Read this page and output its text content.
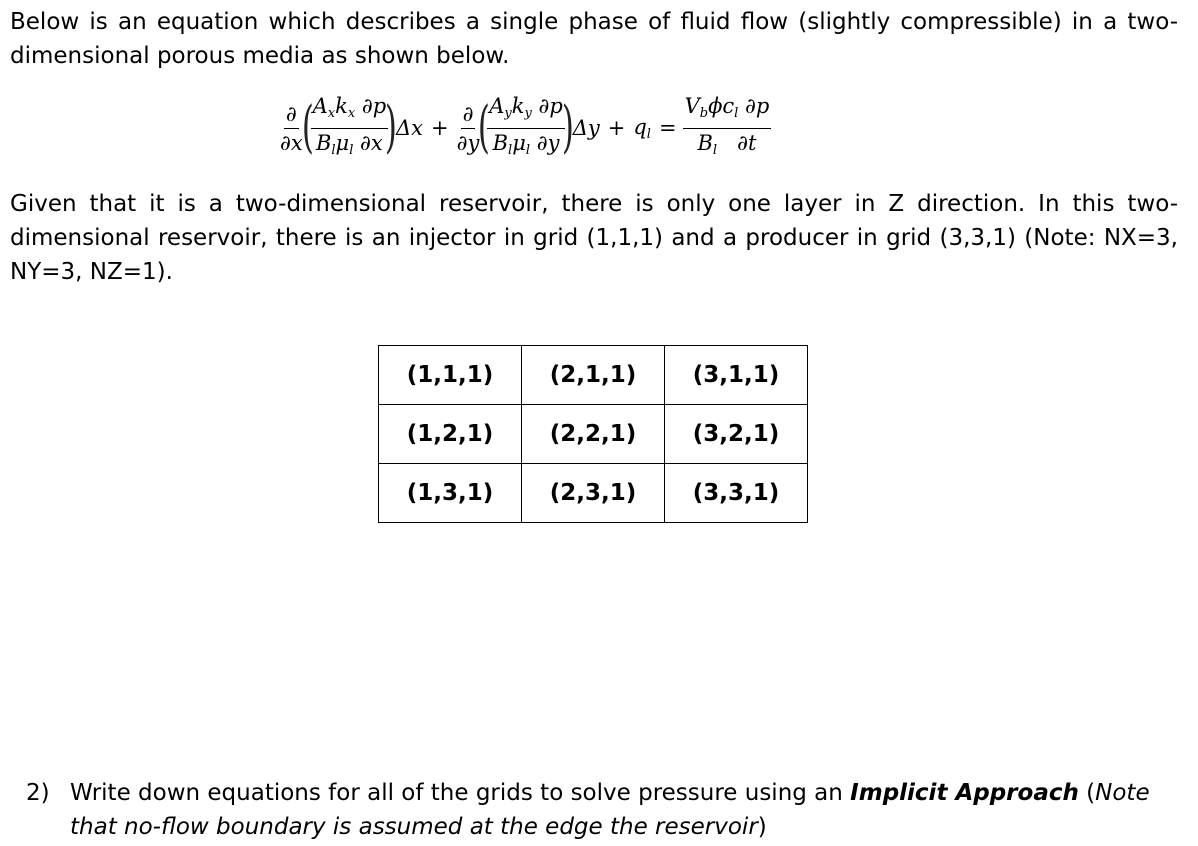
Below is an equation which describes a single phase of fluid flow (slightly compressible) in a two-dimensional porous media as shown below.

$\frac{\partial}{\partial x}$
(
$\frac{A_xk_x \partial p}{B_l\mu_l \partial x}$
)
$\Delta x + \frac{\partial}{\partial y}$
(
$\frac{A_yk_y \partial p}{B_l\mu_l \partial y}$
)
$\Delta y + q_l = \frac{V_b\phi c_l \partial p}{B_l \partial t}$

Given that it is a two-dimensional reservoir, there is only one layer in Z direction. In this two-dimensional reservoir, there is an injector in grid (1,1,1) and a producer in grid (3,3,1) (Note: NX=3, NY=3, NZ=1).

(1,1,1)	(2,1,1)	(3,1,1)
(1,2,1)	(2,2,1)	(3,2,1)
(1,3,1)	(2,3,1)	(3,3,1)

2) Write down equations for all of the grids to solve pressure using an Implicit Approach (Note
that no-flow boundary is assumed at the edge the reservoir)
